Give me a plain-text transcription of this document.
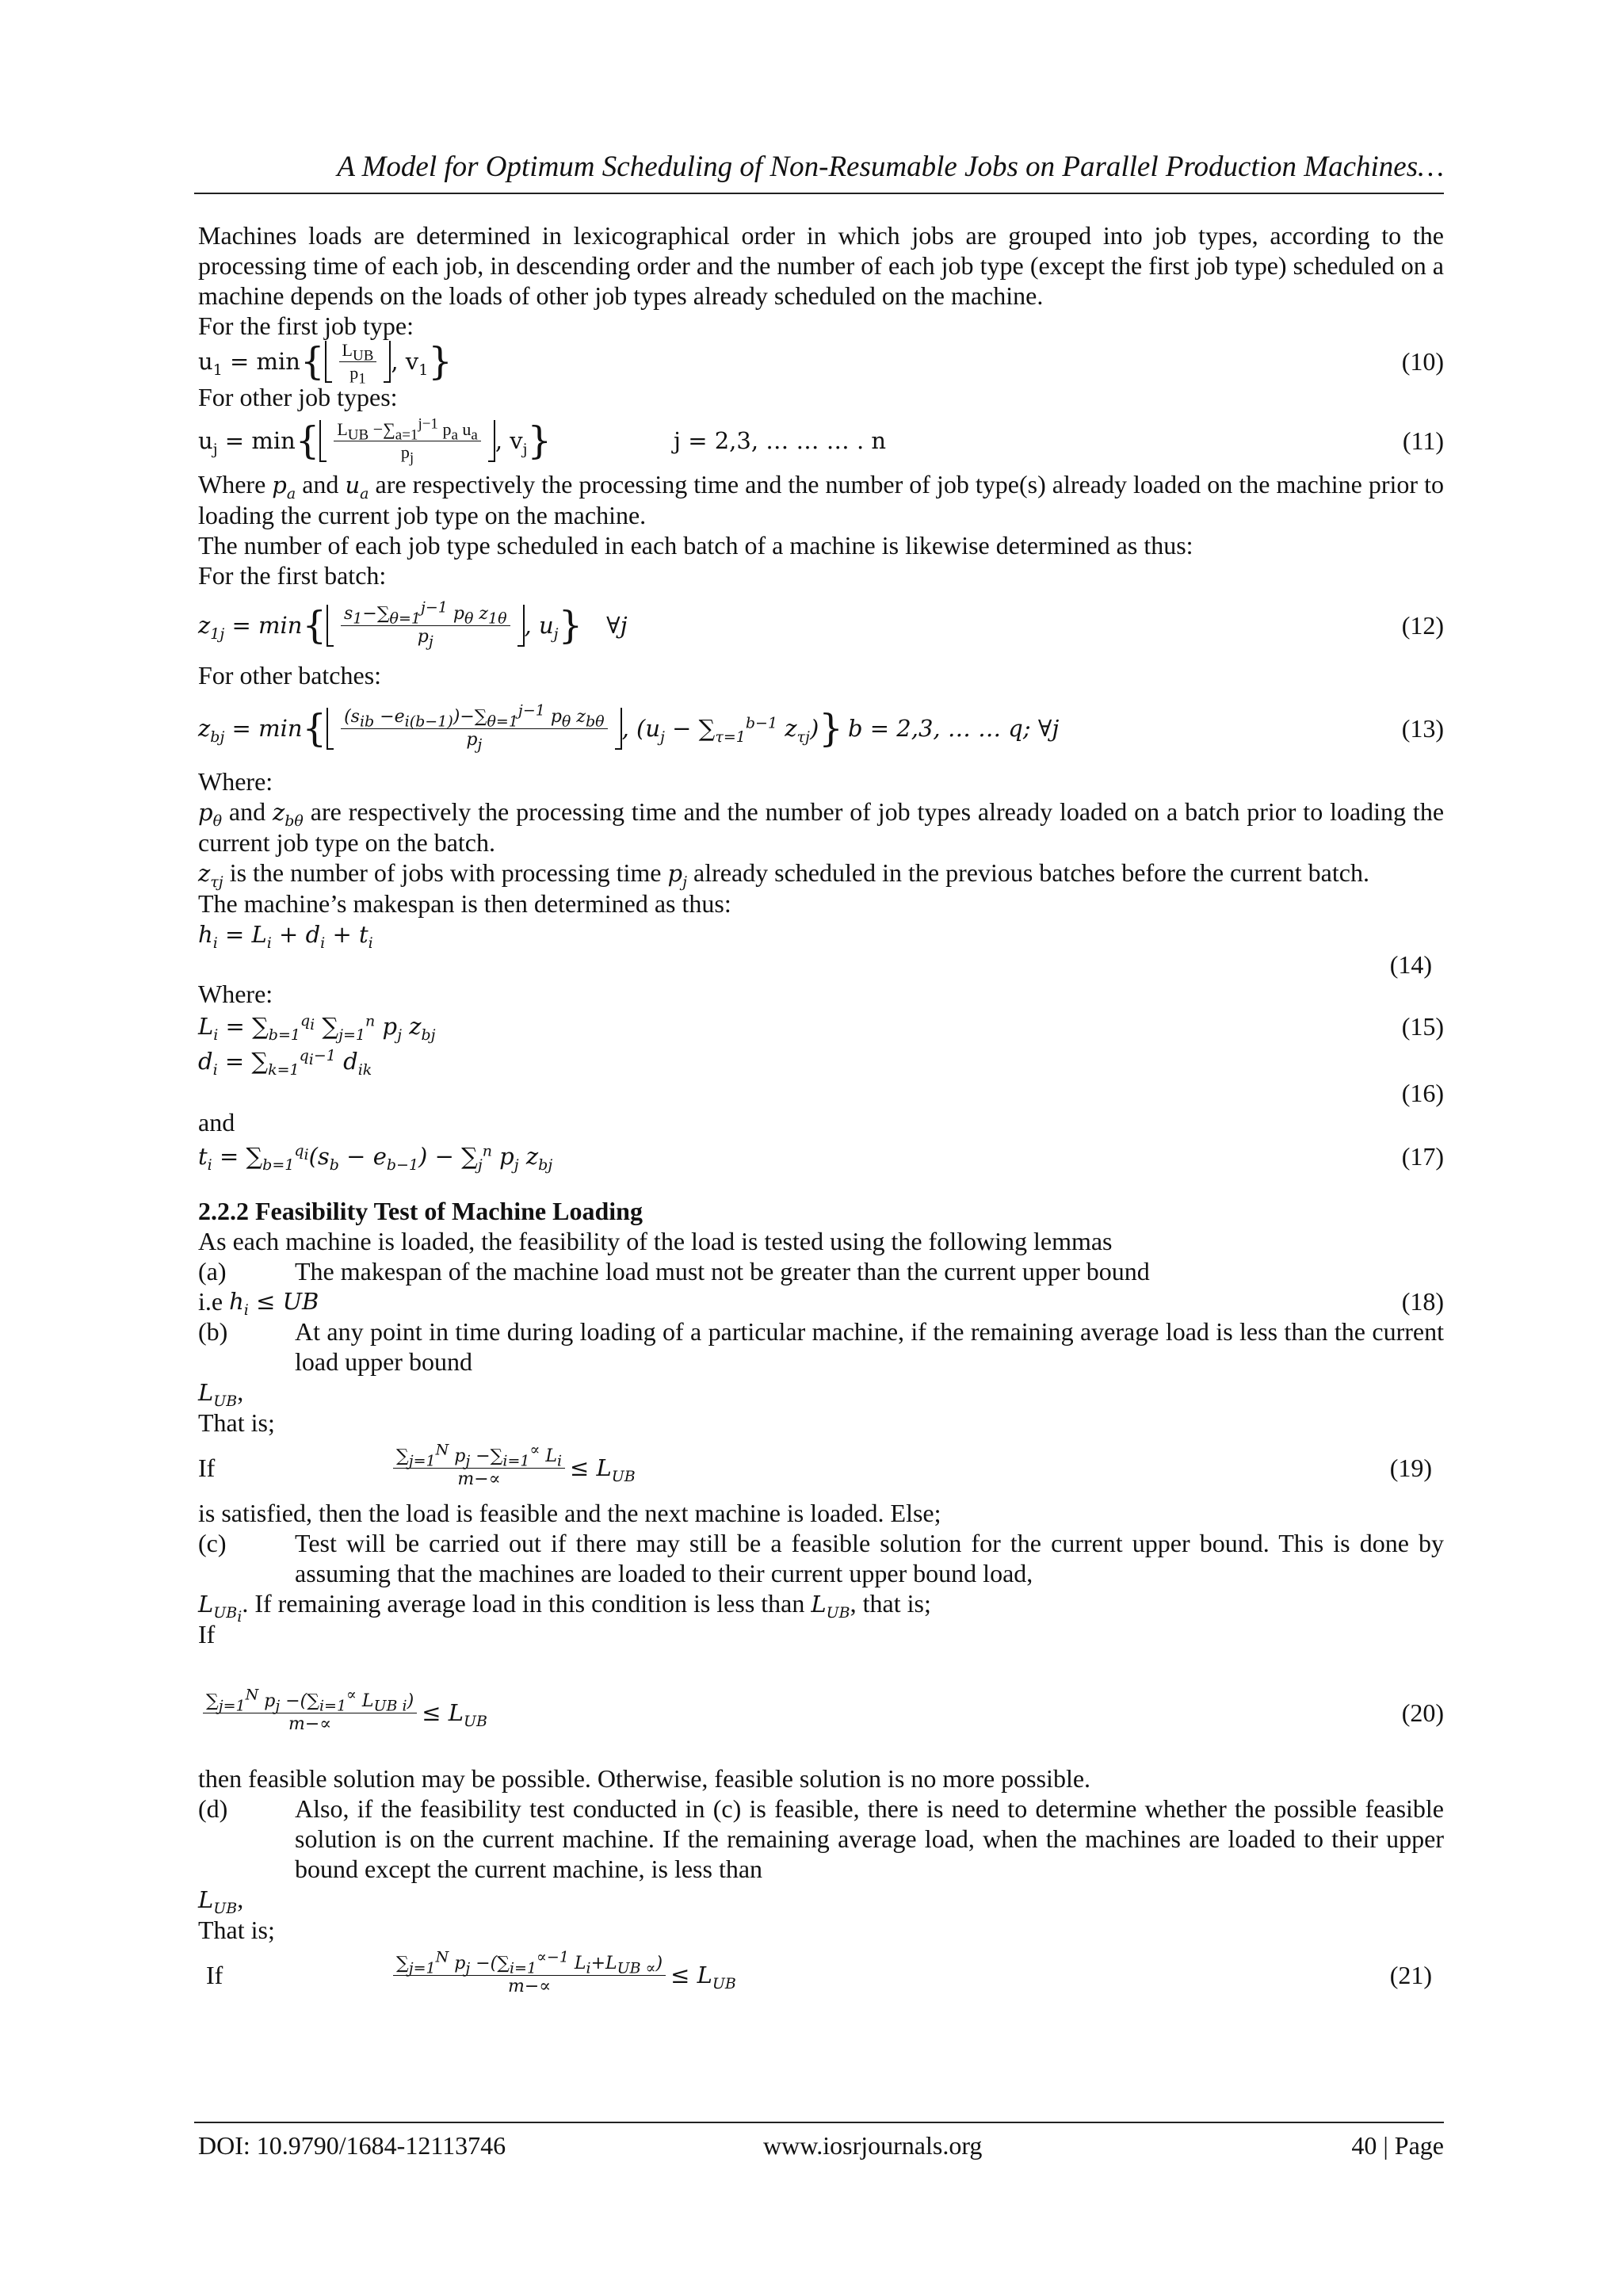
A Model for Optimum Scheduling of Non-Resumable Jobs on Parallel Production Machines…

Machines loads are determined in lexicographical order in which jobs are grouped into job types, according to the processing time of each job, in descending order and the number of each job type (except the first job type) scheduled on a machine depends on the loads of other job types already scheduled on the machine.

For the first job type:

$u_1 = \min$ { $\frac{L_{UB}}{p_1}$ , $v_1$ }	(10)

For other job types:

$u_j = \min$ { $\frac{L_{UB} -\sum_{a=1}^{j-1} p_a u_a}{p_j}$ , $v_j$ }	j = 2,3, … … … . n	(11)

Where $p_a$ and $u_a$ are respectively the processing time and the number of job type(s) already loaded on the machine prior to loading the current job type on the machine.

The number of each job type scheduled in each batch of a machine is likewise determined as thus:

For the first batch:

$z_{1j} = \min$ { $\frac{s_1-\sum_{\theta=1}^{j-1} p_\theta z_{1\theta}}{p_j}$ , $u_j$ } ∀j	(12)

For other batches:

$z_{bj} = \min$ { $\frac{(s_{ib} -e_{i(b-1)})-\sum_{\theta=1}^{j-1} p_\theta z_{b\theta}}{p_j}$ , ($u_j - \sum_{\tau=1}^{b-1}$ $z_{\tau j}$) } b = 2,3, … … q; ∀j	(13)

Where:

$p_\theta$ and $z_{b\theta}$ are respectively the processing time and the number of job types already loaded on a batch prior to loading the current job type on the batch.

$z_{\tau j}$ is the number of jobs with processing time $p_j$ already scheduled in the previous batches before the current batch.

The machine’s makespan is then determined as thus:

$h_i = L_i + d_i + t_i$
(14)

Where:

$L_i = \sum_{b=1}^{q_i}$ $\sum_{j=1}^n$ $p_j$ $z_{bj}$	(15)
$d_i = \sum_{k=1}^{q_i-1}$ $d_{ik}$
(16)

and

$t_i = \sum_{b=1}^{q_i}(s_b - e_{b-1}) - \sum_j^n$ $p_j$ $z_{bj}$	(17)

2.2.2 Feasibility Test of Machine Loading

As each machine is loaded, the feasibility of the load is tested using the following lemmas

(a)	The makespan of the machine load must not be greater than the current upper bound
i.e
$h_i$ ≤ UB	(18)
(b)	At any point in time during loading of a particular machine, if the remaining average load is less than the current load upper bound

$L_{UB}$,

That is;

If	$\frac{\sum_{j=1}^N p_j -\sum_{i=1}^\propto L_i}{m-\propto} \le L_{UB}$	(19)

is satisfied, then the load is feasible and the next machine is loaded. Else;

(c)	Test will be carried out if there may still be a feasible solution for the current upper bound. This is done by assuming that the machines are loaded to their current upper bound load,

$L_{UB_i}$. If remaining average load in this condition is less than $L_{UB}$, that is;

If

$\frac{\sum_{j=1}^N p_j -(\sum_{i=1}^\propto L_{UB i})}{m-\propto} \le L_{UB}$	(20)

then feasible solution may be possible. Otherwise, feasible solution is no more possible.

(d)	Also, if the feasibility test conducted in (c) is feasible, there is need to determine whether the possible feasible solution is on the current machine. If the remaining average load, when the machines are loaded to their upper bound except the current machine, is less than

$L_{UB}$,

That is;

If	$\frac{\sum_{j=1}^N p_j -(\sum_{i=1}^{\propto-1} L_i+L_{UB \propto})}{m-\propto} \le L_{UB}$	(21)
DOI: 10.9790/1684-12113746	www.iosrjournals.org	40 | Page
